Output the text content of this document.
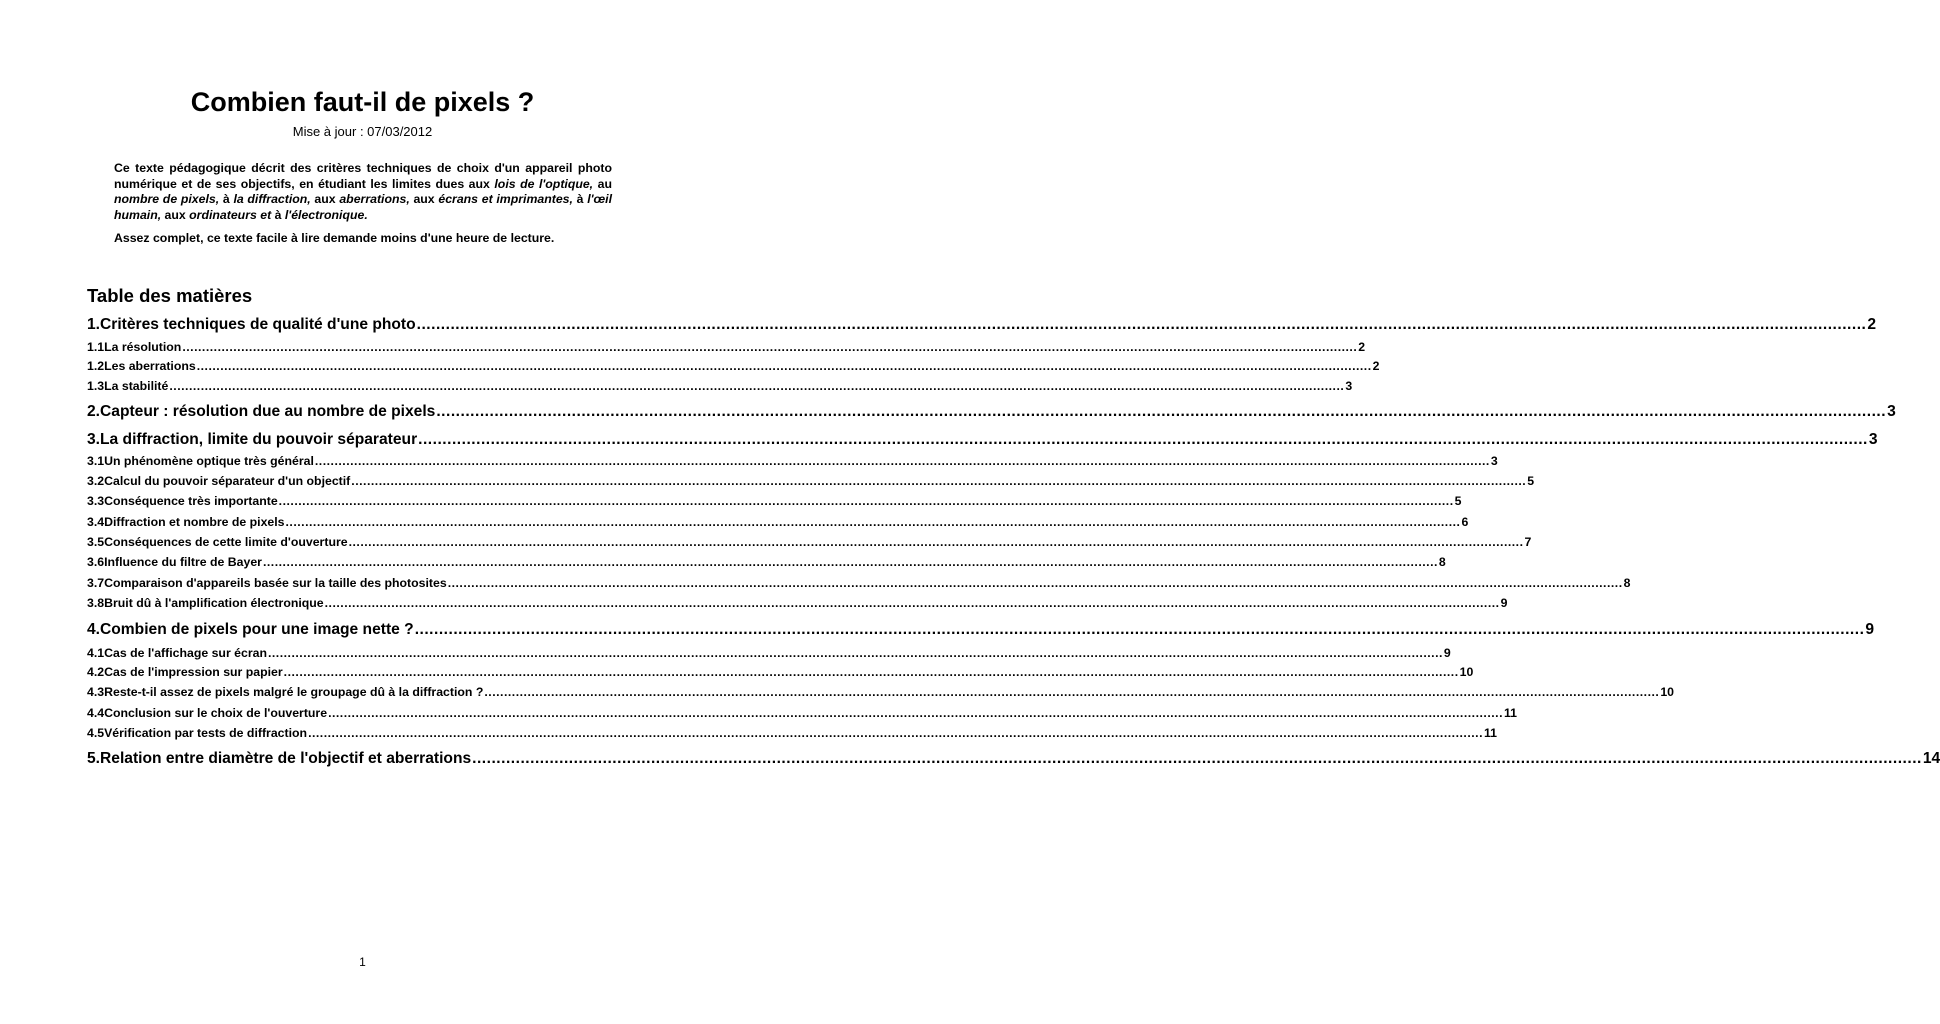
Combien faut-il de pixels ?
Mise à jour : 07/03/2012

Ce texte pédagogique décrit des critères techniques de choix d'un appareil photo numérique et de ses objectifs, en étudiant les limites dues aux lois de l'optique, au nombre de pixels, à la diffraction, aux aberrations, aux écrans et imprimantes, à l'œil humain, aux ordinateurs et à l'électronique.

Assez complet, ce texte facile à lire demande moins d'une heure de lecture.

Table des matières
1. Critères techniques de qualité d'une photo ............................................................................................................................................................................................................................................................................................................ 2
1.1 La résolution ............................................................................................................................................................................................................................................................................................................ 2
1.2 Les aberrations ............................................................................................................................................................................................................................................................................................................ 2
1.3 La stabilité ............................................................................................................................................................................................................................................................................................................ 3
2. Capteur : résolution due au nombre de pixels ............................................................................................................................................................................................................................................................................................................ 3
3. La diffraction, limite du pouvoir séparateur ............................................................................................................................................................................................................................................................................................................ 3
3.1 Un phénomène optique très général ............................................................................................................................................................................................................................................................................................................ 3
3.2 Calcul du pouvoir séparateur d'un objectif ............................................................................................................................................................................................................................................................................................................ 5
3.3 Conséquence très importante ............................................................................................................................................................................................................................................................................................................ 5
3.4 Diffraction et nombre de pixels ............................................................................................................................................................................................................................................................................................................ 6
3.5 Conséquences de cette limite d'ouverture ............................................................................................................................................................................................................................................................................................................ 7
3.6 Influence du filtre de Bayer ............................................................................................................................................................................................................................................................................................................ 8
3.7 Comparaison d'appareils basée sur la taille des photosites ............................................................................................................................................................................................................................................................................................................ 8
3.8 Bruit dû à l'amplification électronique ............................................................................................................................................................................................................................................................................................................ 9
4. Combien de pixels pour une image nette ? ............................................................................................................................................................................................................................................................................................................ 9
4.1 Cas de l'affichage sur écran ............................................................................................................................................................................................................................................................................................................ 9
4.2 Cas de l'impression sur papier ............................................................................................................................................................................................................................................................................................................ 10
4.3 Reste-t-il assez de pixels malgré le groupage dû à la diffraction ? ............................................................................................................................................................................................................................................................................................................ 10
4.4 Conclusion sur le choix de l'ouverture ............................................................................................................................................................................................................................................................................................................ 11
4.5 Vérification par tests de diffraction ............................................................................................................................................................................................................................................................................................................ 11
5. Relation entre diamètre de l'objectif et aberrations ............................................................................................................................................................................................................................................................................................................ 14
1
